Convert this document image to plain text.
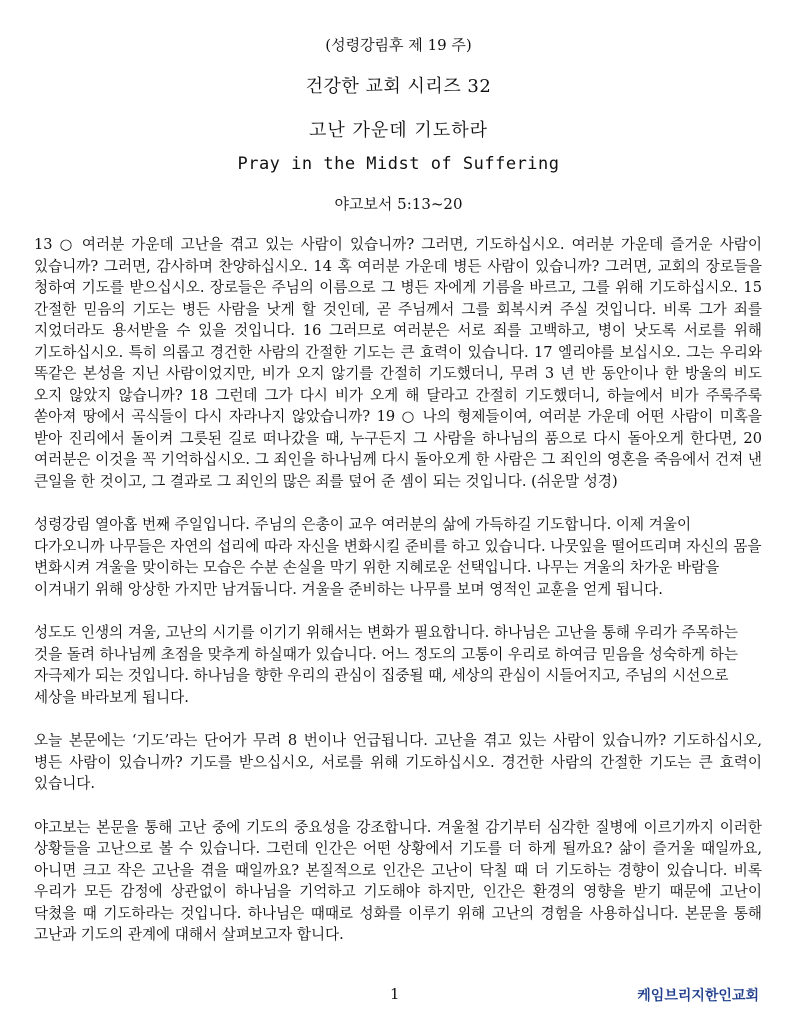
(성령강림후 제 19 주)
건강한 교회 시리즈 32
고난 가운데 기도하라
Pray in the Midst of Suffering
야고보서 5:13~20

13 ○ 여러분 가운데 고난을 겪고 있는 사람이 있습니까? 그러면, 기도하십시오. 여러분 가운데 즐거운 사람이 있습니까? 그러면, 감사하며 찬양하십시오. 14 혹 여러분 가운데 병든 사람이 있습니까? 그러면, 교회의 장로들을 청하여 기도를 받으십시오. 장로들은 주님의 이름으로 그 병든 자에게 기름을 바르고, 그를 위해 기도하십시오. 15 간절한 믿음의 기도는 병든 사람을 낫게 할 것인데, 곧 주님께서 그를 회복시켜 주실 것입니다. 비록 그가 죄를 지었더라도 용서받을 수 있을 것입니다. 16 그러므로 여러분은 서로 죄를 고백하고, 병이 낫도록 서로를 위해 기도하십시오. 특히 의롭고 경건한 사람의 간절한 기도는 큰 효력이 있습니다. 17 엘리야를 보십시오. 그는 우리와 똑같은 본성을 지닌 사람이었지만, 비가 오지 않기를 간절히 기도했더니, 무려 3 년 반 동안이나 한 방울의 비도 오지 않았지 않습니까? 18 그런데 그가 다시 비가 오게 해 달라고 간절히 기도했더니, 하늘에서 비가 주룩주룩 쏟아져 땅에서 곡식들이 다시 자라나지 않았습니까? 19 ○ 나의 형제들이여, 여러분 가운데 어떤 사람이 미혹을 받아 진리에서 돌이켜 그릇된 길로 떠나갔을 때, 누구든지 그 사람을 하나님의 품으로 다시 돌아오게 한다면, 20 여러분은 이것을 꼭 기억하십시오. 그 죄인을 하나님께 다시 돌아오게 한 사람은 그 죄인의 영혼을 죽음에서 건져 낸 큰일을 한 것이고, 그 결과로 그 죄인의 많은 죄를 덮어 준 셈이 되는 것입니다. (쉬운말 성경)

성령강림 열아홉 번째 주일입니다. 주님의 은총이 교우 여러분의 삶에 가득하길 기도합니다. 이제 겨울이 다가오니까 나무들은 자연의 섭리에 따라 자신을 변화시킬 준비를 하고 있습니다. 나뭇잎을 떨어뜨리며 자신의 몸을 변화시켜 겨울을 맞이하는 모습은 수분 손실을 막기 위한 지혜로운 선택입니다. 나무는 겨울의 차가운 바람을 이겨내기 위해 앙상한 가지만 남겨둡니다. 겨울을 준비하는 나무를 보며 영적인 교훈을 얻게 됩니다.

성도도 인생의 겨울, 고난의 시기를 이기기 위해서는 변화가 필요합니다. 하나님은 고난을 통해 우리가 주목하는 것을 돌려 하나님께 초점을 맞추게 하실때가 있습니다. 어느 정도의 고통이 우리로 하여금 믿음을 성숙하게 하는 자극제가 되는 것입니다. 하나님을 향한 우리의 관심이 집중될 때, 세상의 관심이 시들어지고, 주님의 시선으로 세상을 바라보게 됩니다.

오늘 본문에는 ‘기도’라는 단어가 무려 8 번이나 언급됩니다. 고난을 겪고 있는 사람이 있습니까? 기도하십시오, 병든 사람이 있습니까? 기도를 받으십시오, 서로를 위해 기도하십시오. 경건한 사람의 간절한 기도는 큰 효력이 있습니다.

야고보는 본문을 통해 고난 중에 기도의 중요성을 강조합니다. 겨울철 감기부터 심각한 질병에 이르기까지 이러한 상황들을 고난으로 볼 수 있습니다. 그런데 인간은 어떤 상황에서 기도를 더 하게 될까요? 삶이 즐거울 때일까요, 아니면 크고 작은 고난을 겪을 때일까요? 본질적으로 인간은 고난이 닥칠 때 더 기도하는 경향이 있습니다. 비록 우리가 모든 감정에 상관없이 하나님을 기억하고 기도해야 하지만, 인간은 환경의 영향을 받기 때문에 고난이 닥쳤을 때 기도하라는 것입니다. 하나님은 때때로 성화를 이루기 위해 고난의 경험을 사용하십니다. 본문을 통해 고난과 기도의 관계에 대해서 살펴보고자 합니다.

1	케임브리지한인교회
